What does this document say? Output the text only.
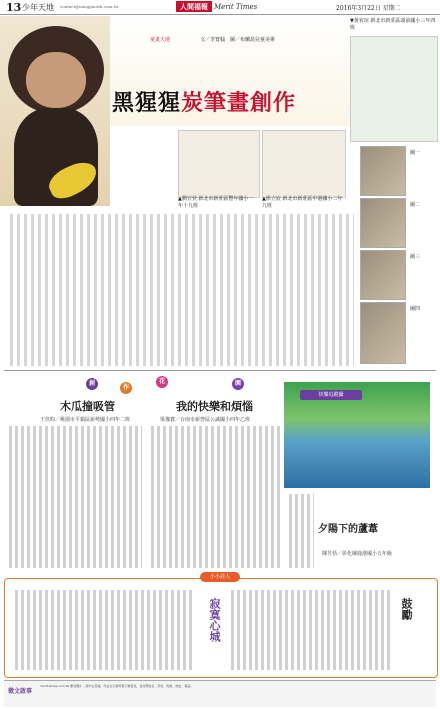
13 少年天地 contact@mingpaowk.com.tw	人間福報 Merit Times	2016年3月22日 星期二
童畫天地	文／李寬翰　圖／布蘭島兒童美術
黑猩猩炭筆畫創作
▲劉宣萱 新北市新莊區豐年國小一年十九班
▲徐立宸 新北市新莊區中港國小二年九班
▼黃宥瑄 新北市新莊區頭前國小三年四班
圖一
圖二
圖三
圖四
創
作
花	園
木瓜撞吸管
王佳昀／桃園市平鎮區新勢國小四年二班
我的快樂和煩惱
梁豫寰／台南市新營區公誠國小四年乙班
快樂追蹤攝
夕陽下的蘆葦
陳昱恬／彰化縣鹿港國小五年級
小小詩人
寂寞心城	鼓勵
徵文啟事
merit-times.com.tw 歡迎國小－高中生投稿，作品文字請用電子檔寄送，並註明姓名、學校、班級、地址、電話。
